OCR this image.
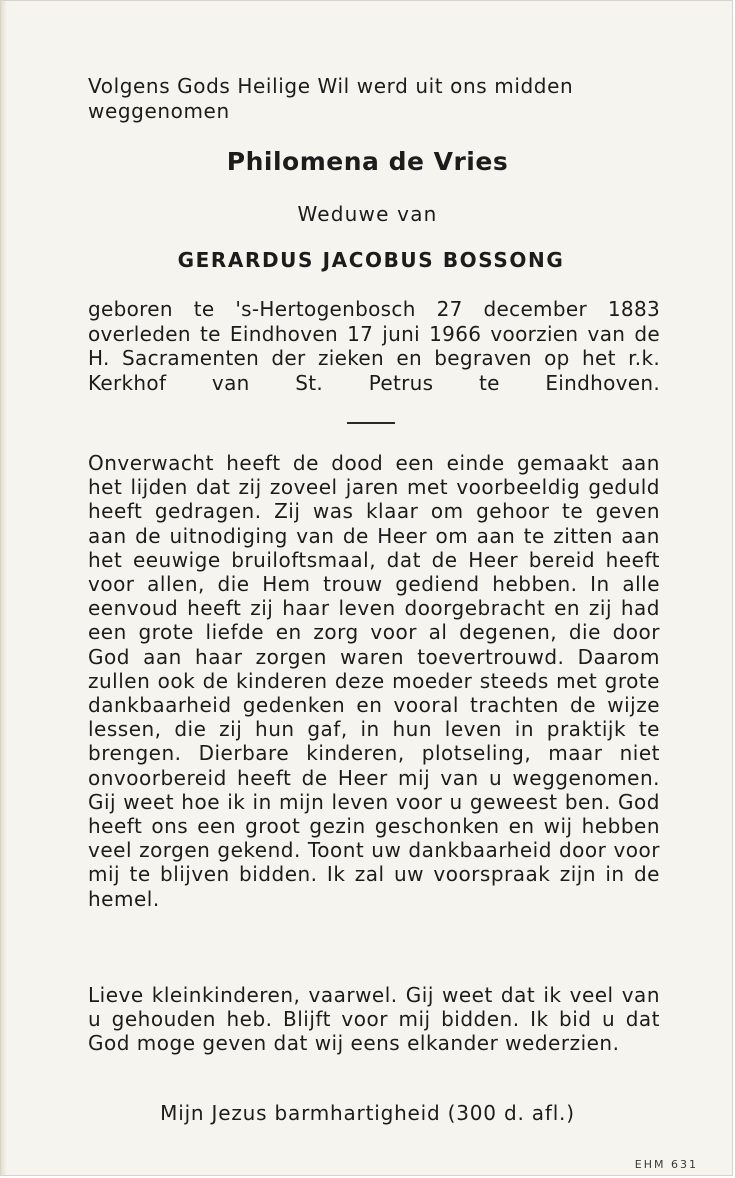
Volgens Gods Heilige Wil werd uit ons midden weggenomen

Philomena de Vries
Weduwe van
GERARDUS JACOBUS BOSSONG

geboren te 's-Hertogenbosch 27 december 1883 overleden te Eindhoven 17 juni 1966 voorzien van de H. Sacramenten der zieken en begraven op het r.k. Kerkhof van St. Petrus te Eindhoven.

Onverwacht heeft de dood een einde gemaakt aan het lijden dat zij zoveel jaren met voorbeeldig geduld heeft gedragen. Zij was klaar om gehoor te geven aan de uitnodiging van de Heer om aan te zitten aan het eeuwige bruiloftsmaal, dat de Heer bereid heeft voor allen, die Hem trouw gediend hebben. In alle eenvoud heeft zij haar leven doorgebracht en zij had een grote liefde en zorg voor al degenen, die door God aan haar zorgen waren toevertrouwd. Daarom zullen ook de kinderen deze moeder steeds met grote dankbaarheid gedenken en vooral trachten de wijze lessen, die zij hun gaf, in hun leven in praktijk te brengen. Dierbare kinderen, plotseling, maar niet onvoorbereid heeft de Heer mij van u weggenomen. Gij weet hoe ik in mijn leven voor u geweest ben. God heeft ons een groot gezin geschonken en wij hebben veel zorgen gekend. Toont uw dankbaarheid door voor mij te blijven bidden. Ik zal uw voorspraak zijn in de hemel.

Lieve kleinkinderen, vaarwel. Gij weet dat ik veel van u gehouden heb. Blijft voor mij bidden. Ik bid u dat God moge geven dat wij eens elkander wederzien.

Mijn Jezus barmhartigheid (300 d. afl.)
EHM 631
